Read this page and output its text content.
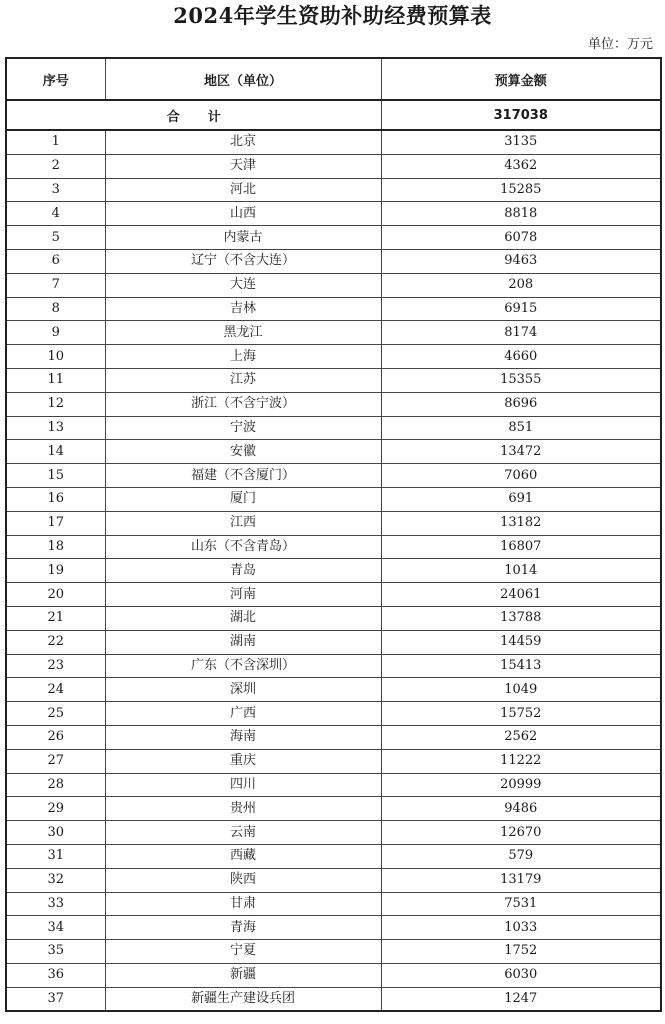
2024年学生资助补助经费预算表
单位：万元
序号	地区（单位）	预算金额
合计		317038
1	北京	3135
2	天津	4362
3	河北	15285
4	山西	8818
5	内蒙古	6078
6	辽宁（不含大连）	9463
7	大连	208
8	吉林	6915
9	黑龙江	8174
10	上海	4660
11	江苏	15355
12	浙江（不含宁波）	8696
13	宁波	851
14	安徽	13472
15	福建（不含厦门）	7060
16	厦门	691
17	江西	13182
18	山东（不含青岛）	16807
19	青岛	1014
20	河南	24061
21	湖北	13788
22	湖南	14459
23	广东（不含深圳）	15413
24	深圳	1049
25	广西	15752
26	海南	2562
27	重庆	11222
28	四川	20999
29	贵州	9486
30	云南	12670
31	西藏	579
32	陕西	13179
33	甘肃	7531
34	青海	1033
35	宁夏	1752
36	新疆	6030
37	新疆生产建设兵团	1247
